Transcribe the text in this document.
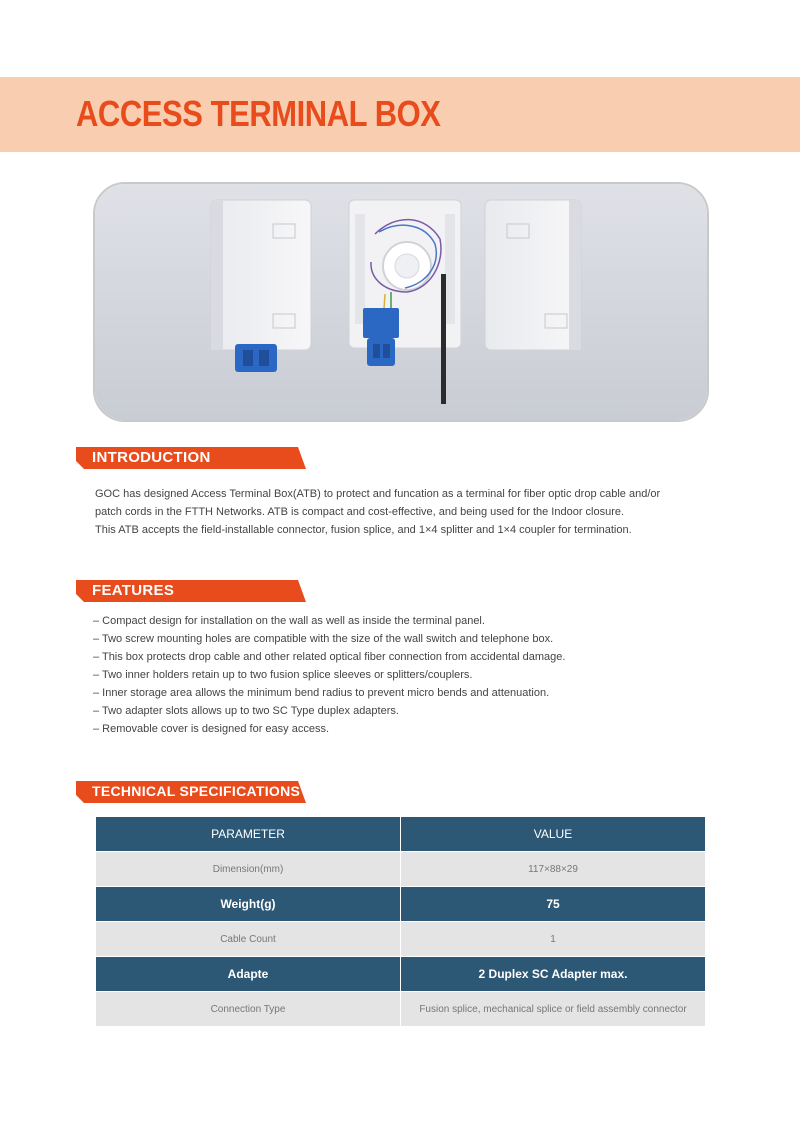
ACCESS TERMINAL BOX
INTRODUCTION

GOC has designed Access Terminal Box(ATB) to protect and funcation as a terminal for fiber optic drop cable and/or

patch cords in the FTTH Networks. ATB is compact and cost-effective, and being used for the Indoor closure.

This ATB accepts the field-installable connector, fusion splice, and 1×4 splitter and 1×4 coupler for termination.

FEATURES
– Compact design for installation on the wall as well as inside the terminal panel.
– Two screw mounting holes are compatible with the size of the wall switch and telephone box.
– This box protects drop cable and other related optical fiber connection from accidental damage.
– Two inner holders retain up to two fusion splice sleeves or splitters/couplers.
– Inner storage area allows the minimum bend radius to prevent micro bends and attenuation.
– Two adapter slots allows up to two SC Type duplex adapters.
– Removable cover is designed for easy access.
TECHNICAL SPECIFICATIONS
PARAMETER	VALUE
Dimension(mm)	117×88×29
Weight(g)	75
Cable Count	1
Adapte	2 Duplex SC Adapter max.
Connection Type	Fusion splice, mechanical splice or field assembly connector
